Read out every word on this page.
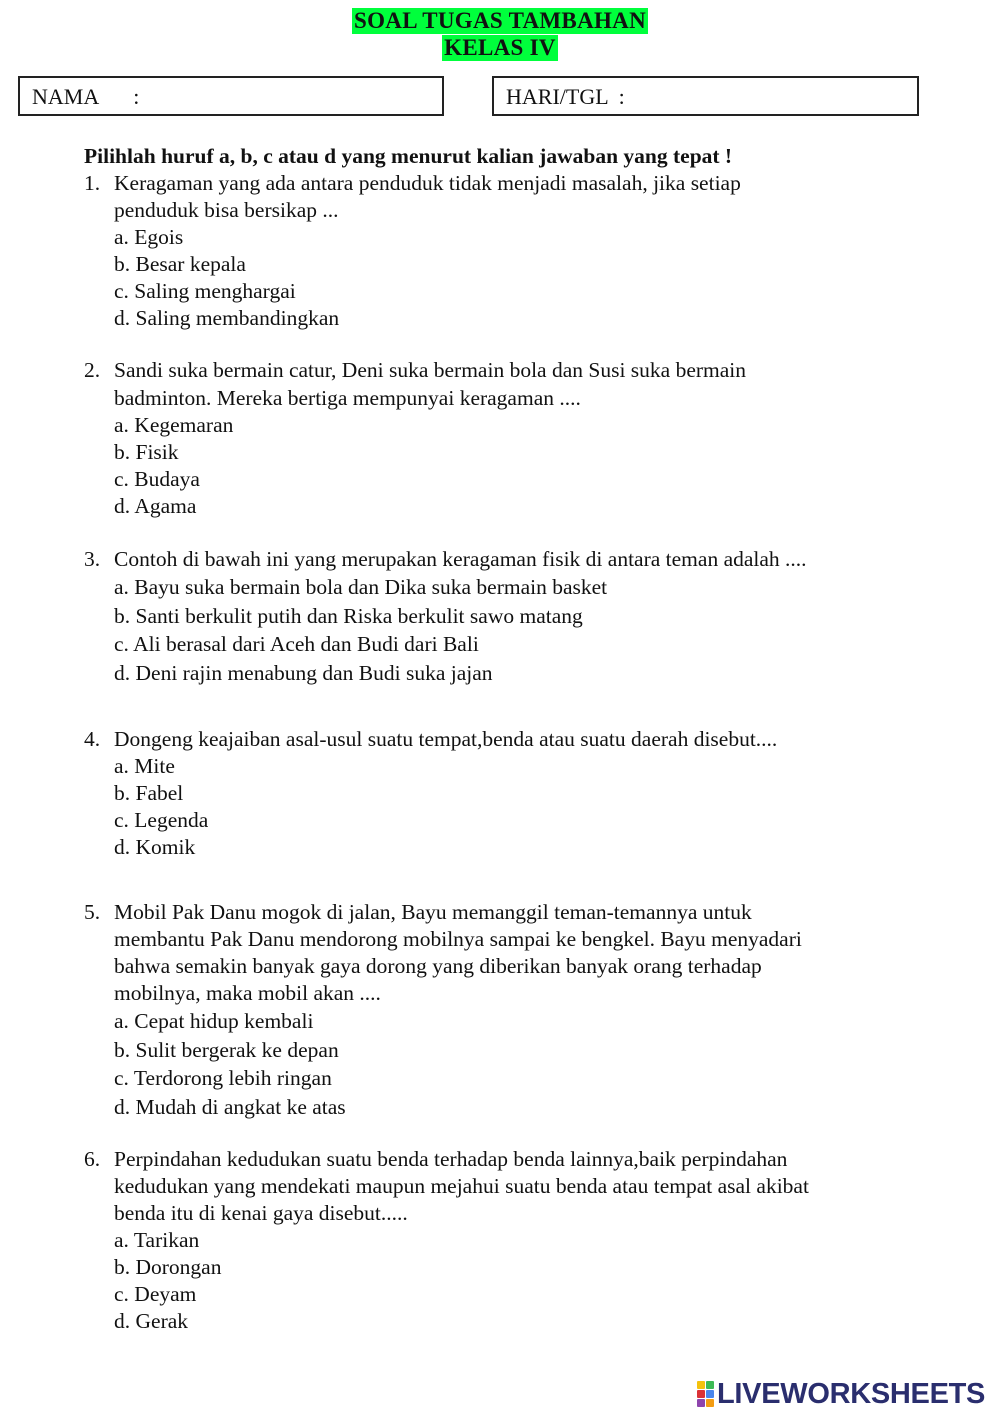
SOAL TUGAS TAMBAHAN
KELAS IV
NAMA :	HARI/TGL :
Pilihlah huruf a, b, c atau d yang menurut kalian jawaban yang tepat !
1. Keragaman yang ada antara penduduk tidak menjadi masalah, jika setiap
penduduk bisa bersikap ...
a. Egois
b. Besar kepala
c. Saling menghargai
d. Saling membandingkan
2. Sandi suka bermain catur, Deni suka bermain bola dan Susi suka bermain
badminton. Mereka bertiga mempunyai keragaman ....
a. Kegemaran
b. Fisik
c. Budaya
d. Agama
3. Contoh di bawah ini yang merupakan keragaman fisik di antara teman adalah ....
a. Bayu suka bermain bola dan Dika suka bermain basket
b. Santi berkulit putih dan Riska berkulit sawo matang
c. Ali berasal dari Aceh dan Budi dari Bali
d. Deni rajin menabung dan Budi suka jajan
4. Dongeng keajaiban asal-usul suatu tempat,benda atau suatu daerah disebut....
a. Mite
b. Fabel
c. Legenda
d. Komik
5. Mobil Pak Danu mogok di jalan, Bayu memanggil teman-temannya untuk
membantu Pak Danu mendorong mobilnya sampai ke bengkel. Bayu menyadari
bahwa semakin banyak gaya dorong yang diberikan banyak orang terhadap
mobilnya, maka mobil akan ....
a. Cepat hidup kembali
b. Sulit bergerak ke depan
c. Terdorong lebih ringan
d. Mudah di angkat ke atas
6. Perpindahan kedudukan suatu benda terhadap benda lainnya,baik perpindahan
kedudukan yang mendekati maupun mejahui suatu benda atau tempat asal akibat
benda itu di kenai gaya disebut.....
a. Tarikan
b. Dorongan
c. Deyam
d. Gerak
LIVEWORKSHEETS
